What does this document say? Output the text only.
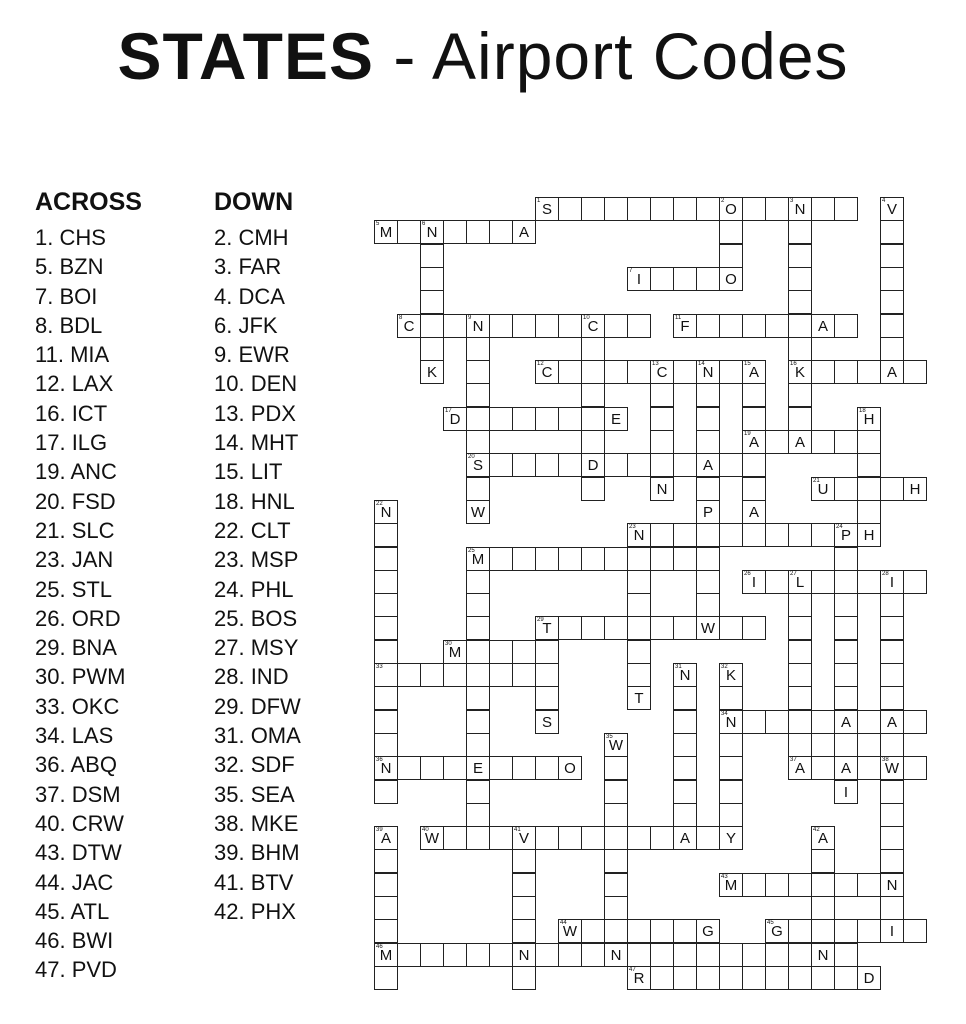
STATES - Airport Codes
ACROSS
1. CHS
5. BZN
7. BOI
8. BDL
11. MIA
12. LAX
16. ICT
17. ILG
19. ANC
20. FSD
21. SLC
23. JAN
25. STL
26. ORD
29. BNA
30. PWM
33. OKC
34. LAS
36. ABQ
37. DSM
40. CRW
43. DTW
44. JAC
45. ATL
46. BWI
47. PVD
DOWN
2. CMH
3. FAR
4. DCA
6. JFK
9. EWR
10. DEN
13. PDX
14. MHT
15. LIT
18. HNL
22. CLT
23. MSP
24. PHL
25. BOS
27. MSY
28. IND
29. DFW
31. OMA
32. SDF
35. SEA
38. MKE
39. BHM
41. BTV
42. PHX
1 S	2 O	3 N
5 M	6 N	A
7 I	O
8 C	9 N	10
C	11 F	A
12
C	13
C	14
N	15
A	16
K	A
17
D	E
19
A	A
20
S	D	A
21
U	H
23
N	24
P H
25
M
26 I	27 L	28 I
29
T	W
30
M
33
34
N	A	A
36
N	E	O	37
A	A	38
W
40
W	41
V	A
43
M	N
44
W	G	45
G	I
46
M	N	N	N
47
R	D
4 V
K
W
N
P	A
18
H
22
N
T
I
S
31
N	32
K
Y
35
W
39
A	42
A
